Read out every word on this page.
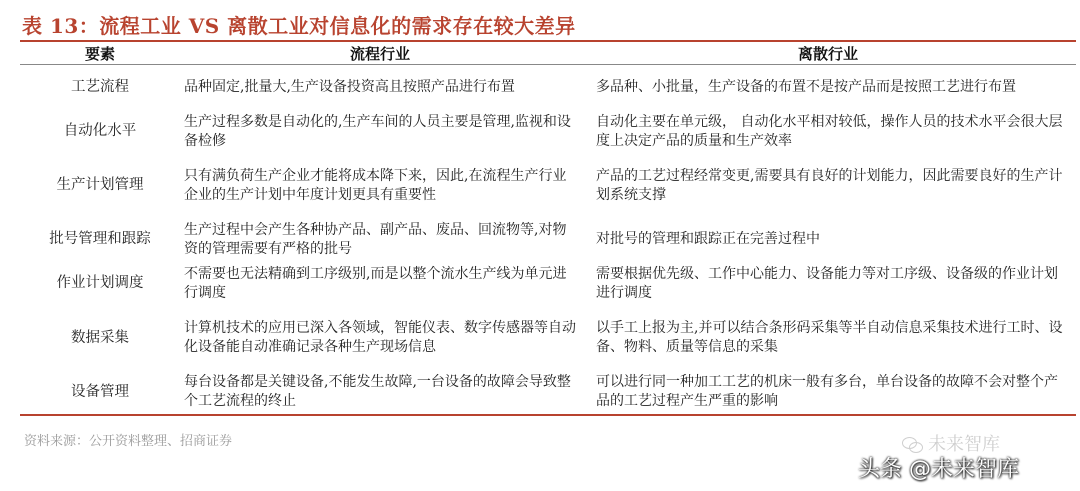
表 13：流程工业 VS 离散工业对信息化的需求存在较大差异
要素	流程行业	离散行业
工艺流程	品种固定,批量大,生产设备投资高且按照产品进行布置	多品种、小批量，生产设备的布置不是按产品而是按照工艺进行布置
自动化水平	生产过程多数是自动化的,生产车间的人员主要是管理,监视和设备检修	自动化主要在单元级， 自动化水平相对较低，操作人员的技术水平会很大层度上决定产品的质量和生产效率
生产计划管理	只有满负荷生产企业才能将成本降下来，因此,在流程生产行业企业的生产计划中年度计划更具有重要性	产品的工艺过程经常变更,需要具有良好的计划能力，因此需要良好的生产计划系统支撑
批号管理和跟踪	生产过程中会产生各种协产品、副产品、废品、回流物等,对物资的管理需要有严格的批号	对批号的管理和跟踪正在完善过程中
作业计划调度	不需要也无法精确到工序级别,而是以整个流水生产线为单元进行调度	需要根据优先级、工作中心能力、设备能力等对工序级、设备级的作业计划进行调度
数据采集	计算机技术的应用已深入各领域，智能仪表、数字传感器等自动化设备能自动准确记录各种生产现场信息	以手工上报为主,并可以结合条形码采集等半自动信息采集技术进行工时、设备、物料、质量等信息的采集
设备管理	每台设备都是关键设备,不能发生故障,一台设备的故障会导致整个工艺流程的终止	可以进行同一种加工工艺的机床一般有多台，单台设备的故障不会对整个产品的工艺过程产生严重的影响
资料来源：公开资料整理、招商证券	未来智库
头条 @未来智库
